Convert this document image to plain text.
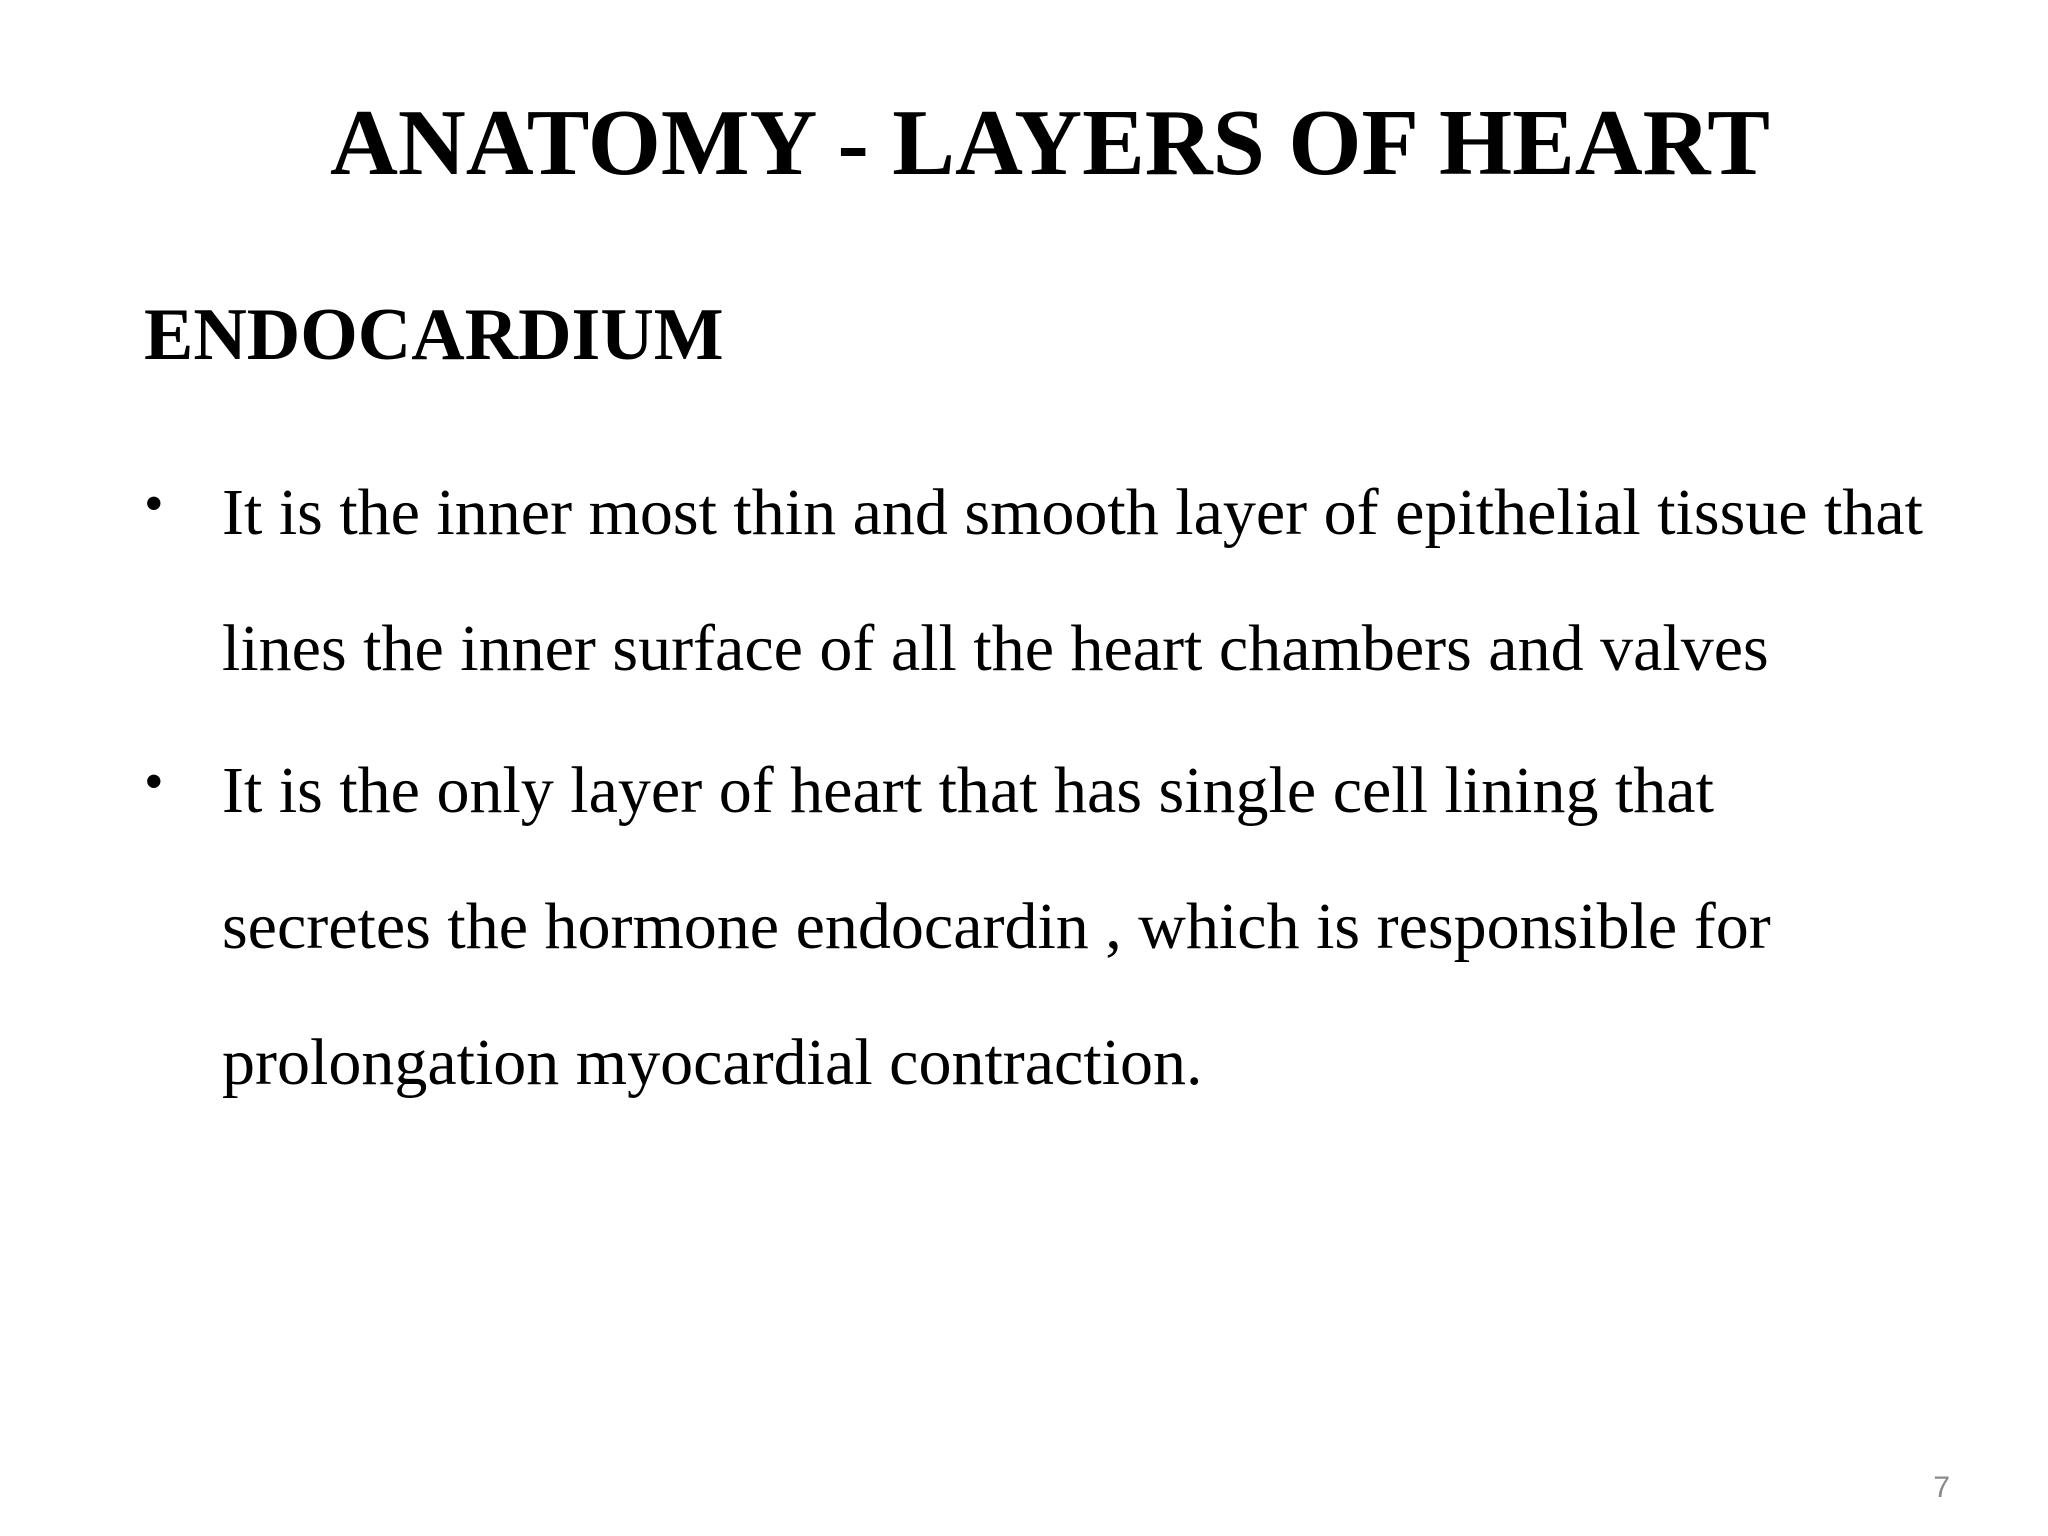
ANATOMY - LAYERS OF HEART
ENDOCARDIUM
• It is the inner most thin and smooth layer of epithelial tissue that lines the inner surface of all the heart chambers and valves
• It is the only layer of heart that has single cell lining that secretes the hormone endocardin , which is responsible for prolongation myocardial contraction.
7
